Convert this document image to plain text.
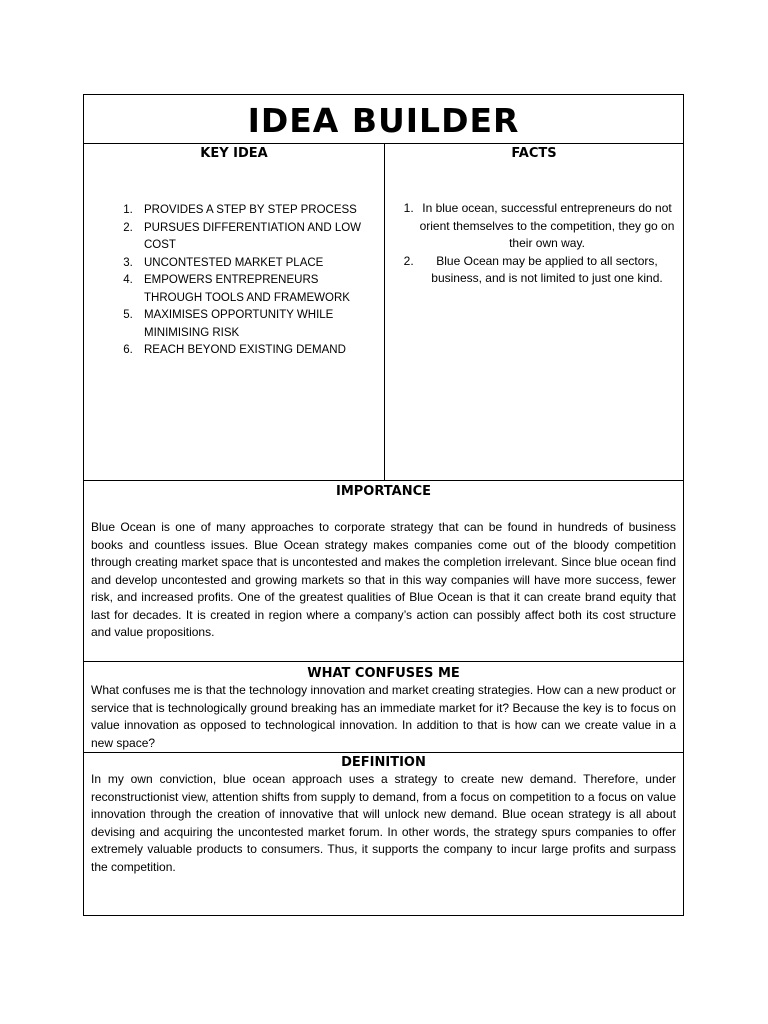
IDEA BUILDER
KEY IDEA
1. PROVIDES A STEP BY STEP PROCESS
2. PURSUES DIFFERENTIATION AND LOW COST
3. UNCONTESTED MARKET PLACE
4. EMPOWERS ENTREPRENEURS THROUGH TOOLS AND FRAMEWORK
5. MAXIMISES OPPORTUNITY WHILE MINIMISING RISK
6. REACH BEYOND EXISTING DEMAND
FACTS
1. In blue ocean, successful entrepreneurs do not orient themselves to the competition, they go on their own way.
2. Blue Ocean may be applied to all sectors, business, and is not limited to just one kind.
IMPORTANCE

Blue Ocean is one of many approaches to corporate strategy that can be found in hundreds of business books and countless issues. Blue Ocean strategy makes companies come out of the bloody competition through creating market space that is uncontested and makes the completion irrelevant. Since blue ocean find and develop uncontested and growing markets so that in this way companies will have more success, fewer risk, and increased profits. One of the greatest qualities of Blue Ocean is that it can create brand equity that last for decades. It is created in region where a company’s action can possibly affect both its cost structure and value propositions.

WHAT CONFUSES ME

What confuses me is that the technology innovation and market creating strategies. How can a new product or service that is technologically ground breaking has an immediate market for it? Because the key is to focus on value innovation as opposed to technological innovation. In addition to that is how can we create value in a new space?

DEFINITION

In my own conviction, blue ocean approach uses a strategy to create new demand. Therefore, under reconstructionist view, attention shifts from supply to demand, from a focus on competition to a focus on value innovation through the creation of innovative that will unlock new demand. Blue ocean strategy is all about devising and acquiring the uncontested market forum. In other words, the strategy spurs companies to offer extremely valuable products to consumers. Thus, it supports the company to incur large profits and surpass the competition.
